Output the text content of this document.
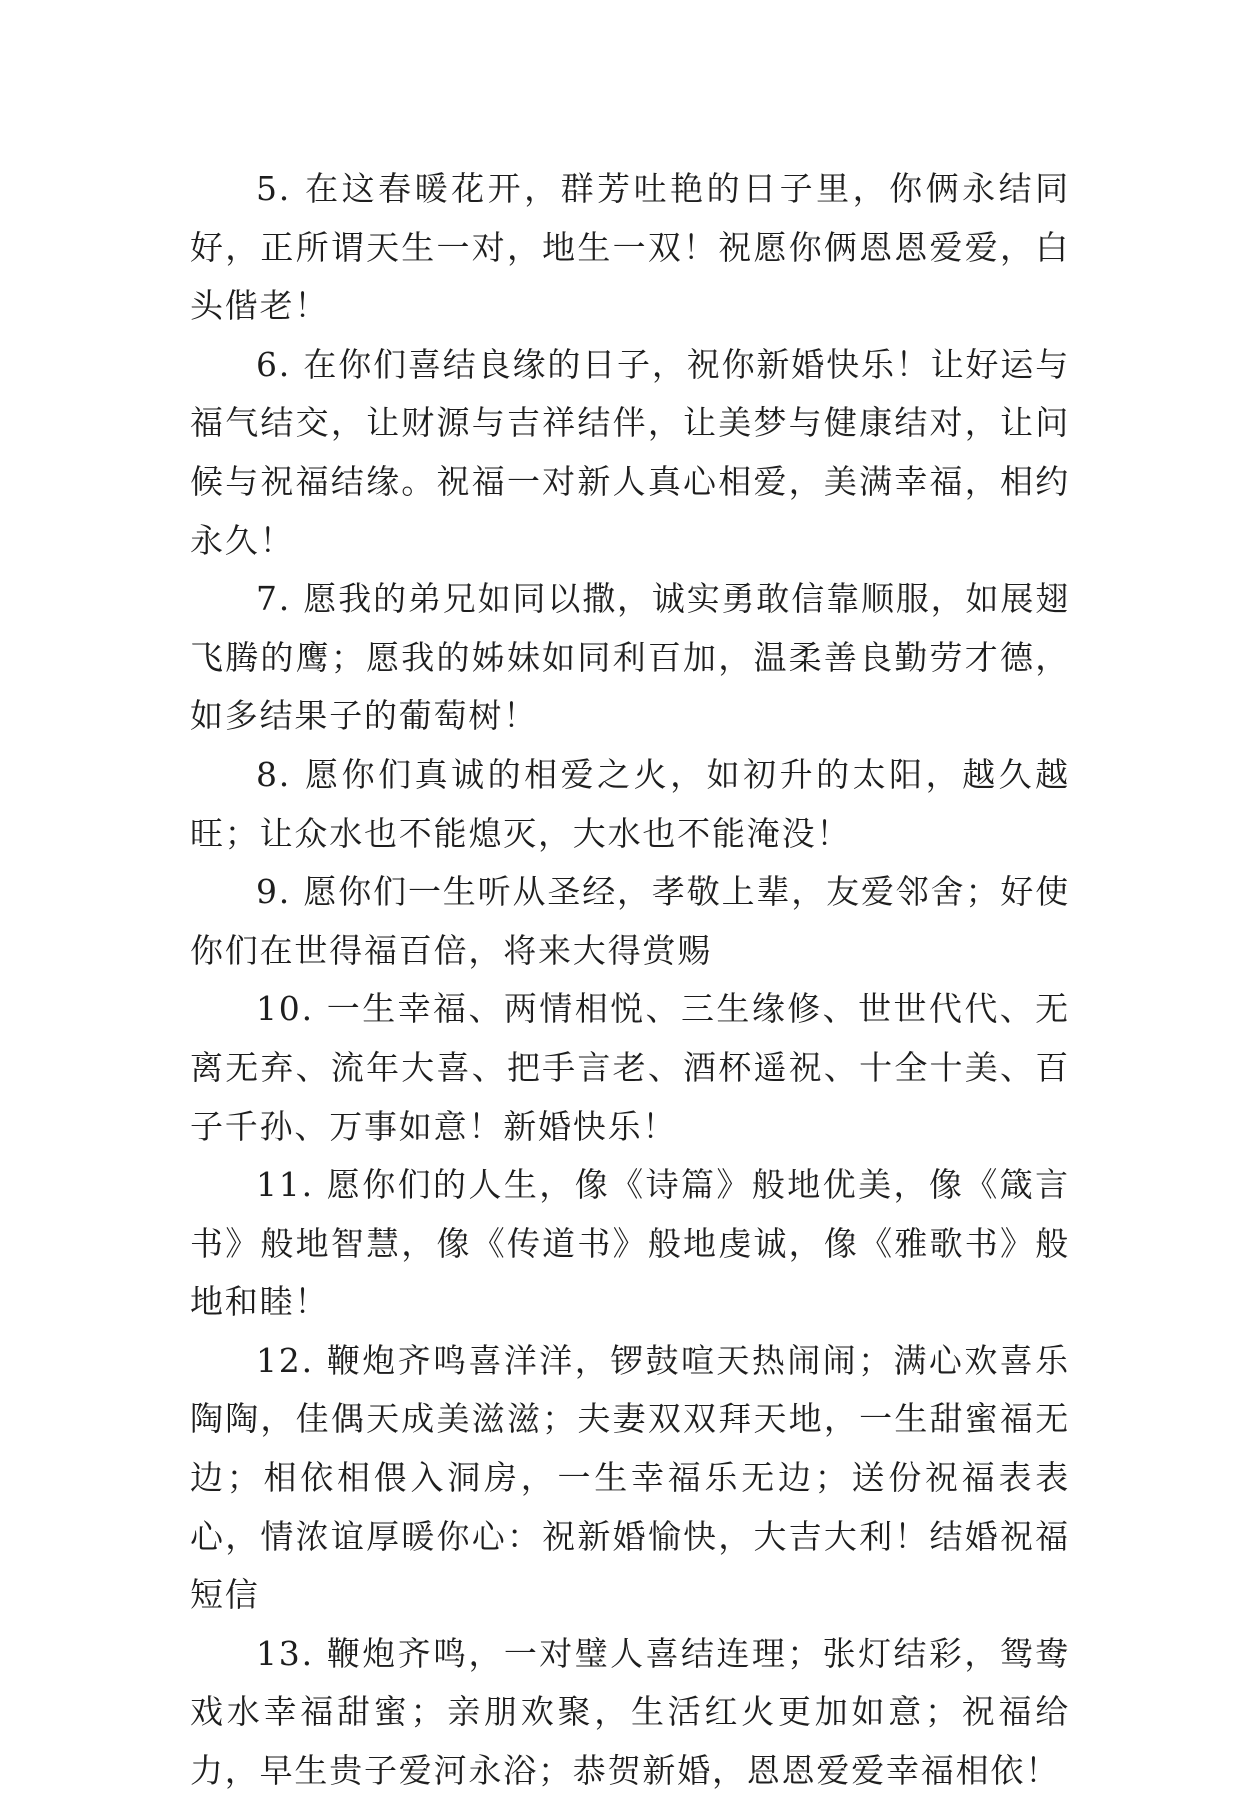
5. 在这春暖花开，群芳吐艳的日子里，你俩永结同好，正所谓天生一对，地生一双！祝愿你俩恩恩爱爱，白头偕老！

6. 在你们喜结良缘的日子，祝你新婚快乐！让好运与福气结交，让财源与吉祥结伴，让美梦与健康结对，让问候与祝福结缘。祝福一对新人真心相爱，美满幸福，相约永久！

7. 愿我的弟兄如同以撒，诚实勇敢信靠顺服，如展翅飞腾的鹰；愿我的姊妹如同利百加，温柔善良勤劳才德，如多结果子的葡萄树！

8. 愿你们真诚的相爱之火，如初升的太阳，越久越旺；让众水也不能熄灭，大水也不能淹没！

9. 愿你们一生听从圣经，孝敬上辈，友爱邻舍；好使你们在世得福百倍，将来大得赏赐

10. 一生幸福、两情相悦、三生缘修、世世代代、无离无弃、流年大喜、把手言老、酒杯遥祝、十全十美、百子千孙、万事如意！新婚快乐！

11. 愿你们的人生，像《诗篇》般地优美，像《箴言书》般地智慧，像《传道书》般地虔诚，像《雅歌书》般地和睦！

12. 鞭炮齐鸣喜洋洋，锣鼓喧天热闹闹；满心欢喜乐陶陶，佳偶天成美滋滋；夫妻双双拜天地，一生甜蜜福无边；相依相偎入洞房，一生幸福乐无边；送份祝福表表心，情浓谊厚暖你心：祝新婚愉快，大吉大利！结婚祝福短信

13. 鞭炮齐鸣，一对璧人喜结连理；张灯结彩，鸳鸯戏水幸福甜蜜；亲朋欢聚，生活红火更加如意；祝福给力，早生贵子爱河永浴；恭贺新婚，恩恩爱爱幸福相依！
